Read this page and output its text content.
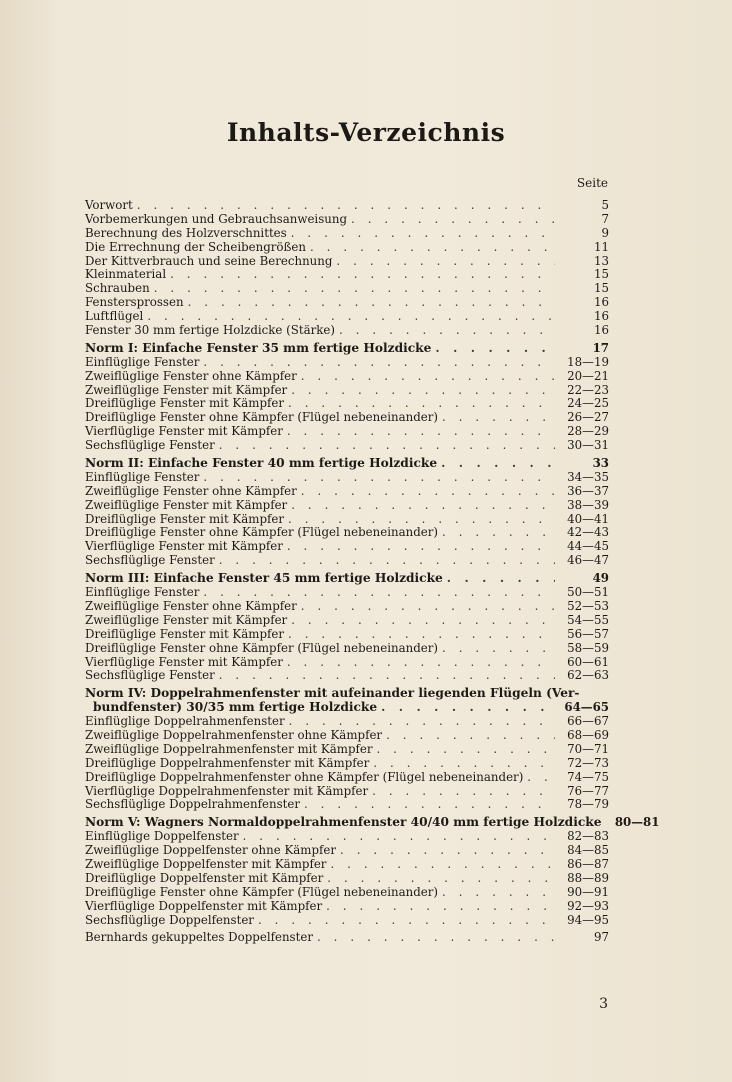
Inhalts-Verzeichnis
Seite
Vorwort . . .	5
Vorbemerkungen und Gebrauchsanweisung . . .	7
Berechnung des Holzverschnittes . . .	9
Die Errechnung der Scheibengrößen . . .	11
Der Kittverbrauch und seine Berechnung . . .	13
Kleinmaterial . . .	15
Schrauben . . .	15
Fenstersprossen . . .	16
Luftflügel . . .	16
Fenster 30 mm fertige Holzdicke (Stärke) . . .	16
Norm I: Einfache Fenster 35 mm fertige Holzdicke . . .	17
Einflüglige Fenster . . .	18—19
Zweiflüglige Fenster ohne Kämpfer . . .	20—21
Zweiflüglige Fenster mit Kämpfer . . .	22—23
Dreiflüglige Fenster mit Kämpfer . . .	24—25
Dreiflüglige Fenster ohne Kämpfer (Flügel nebeneinander) . . .	26—27
Vierflüglige Fenster mit Kämpfer . . .	28—29
Sechsflüglige Fenster . . .	30—31
Norm II: Einfache Fenster 40 mm fertige Holzdicke . . .	33
Einflüglige Fenster . . .	34—35
Zweiflüglige Fenster ohne Kämpfer . . .	36—37
Zweiflüglige Fenster mit Kämpfer . . .	38—39
Dreiflüglige Fenster mit Kämpfer . . .	40—41
Dreiflüglige Fenster ohne Kämpfer (Flügel nebeneinander) . . .	42—43
Vierflüglige Fenster mit Kämpfer . . .	44—45
Sechsflüglige Fenster . . .	46—47
Norm III: Einfache Fenster 45 mm fertige Holzdicke . . .	49
Einflüglige Fenster . . .	50—51
Zweiflüglige Fenster ohne Kämpfer . . .	52—53
Zweiflüglige Fenster mit Kämpfer . . .	54—55
Dreiflüglige Fenster mit Kämpfer . . .	56—57
Dreiflüglige Fenster ohne Kämpfer (Flügel nebeneinander) . . .	58—59
Vierflüglige Fenster mit Kämpfer . . .	60—61
Sechsflüglige Fenster . . .	62—63
Norm IV: Doppelrahmenfenster mit aufeinander liegenden Flügeln (Ver-
bundfenster) 30/35 mm fertige Holzdicke . . .	64—65
Einflüglige Doppelrahmenfenster . . .	66—67
Zweiflüglige Doppelrahmenfenster ohne Kämpfer . . .	68—69
Zweiflüglige Doppelrahmenfenster mit Kämpfer . . .	70—71
Dreiflüglige Doppelrahmenfenster mit Kämpfer . . .	72—73
Dreiflüglige Doppelrahmenfenster ohne Kämpfer (Flügel nebeneinander) . . .	74—75
Vierflüglige Doppelrahmenfenster mit Kämpfer . . .	76—77
Sechsflüglige Doppelrahmenfenster . . .	78—79
Norm V: Wagners Normaldoppelrahmenfenster 40/40 mm fertige Holzdicke	80—81
Einflüglige Doppelfenster . . .	82—83
Zweiflüglige Doppelfenster ohne Kämpfer . . .	84—85
Zweiflüglige Doppelfenster mit Kämpfer . . .	86—87
Dreiflüglige Doppelfenster mit Kämpfer . . .	88—89
Dreiflüglige Fenster ohne Kämpfer (Flügel nebeneinander) . . .	90—91
Vierflüglige Doppelfenster mit Kämpfer . . .	92—93
Sechsflüglige Doppelfenster . . .	94—95
Bernhards gekuppeltes Doppelfenster . . .	97
3
